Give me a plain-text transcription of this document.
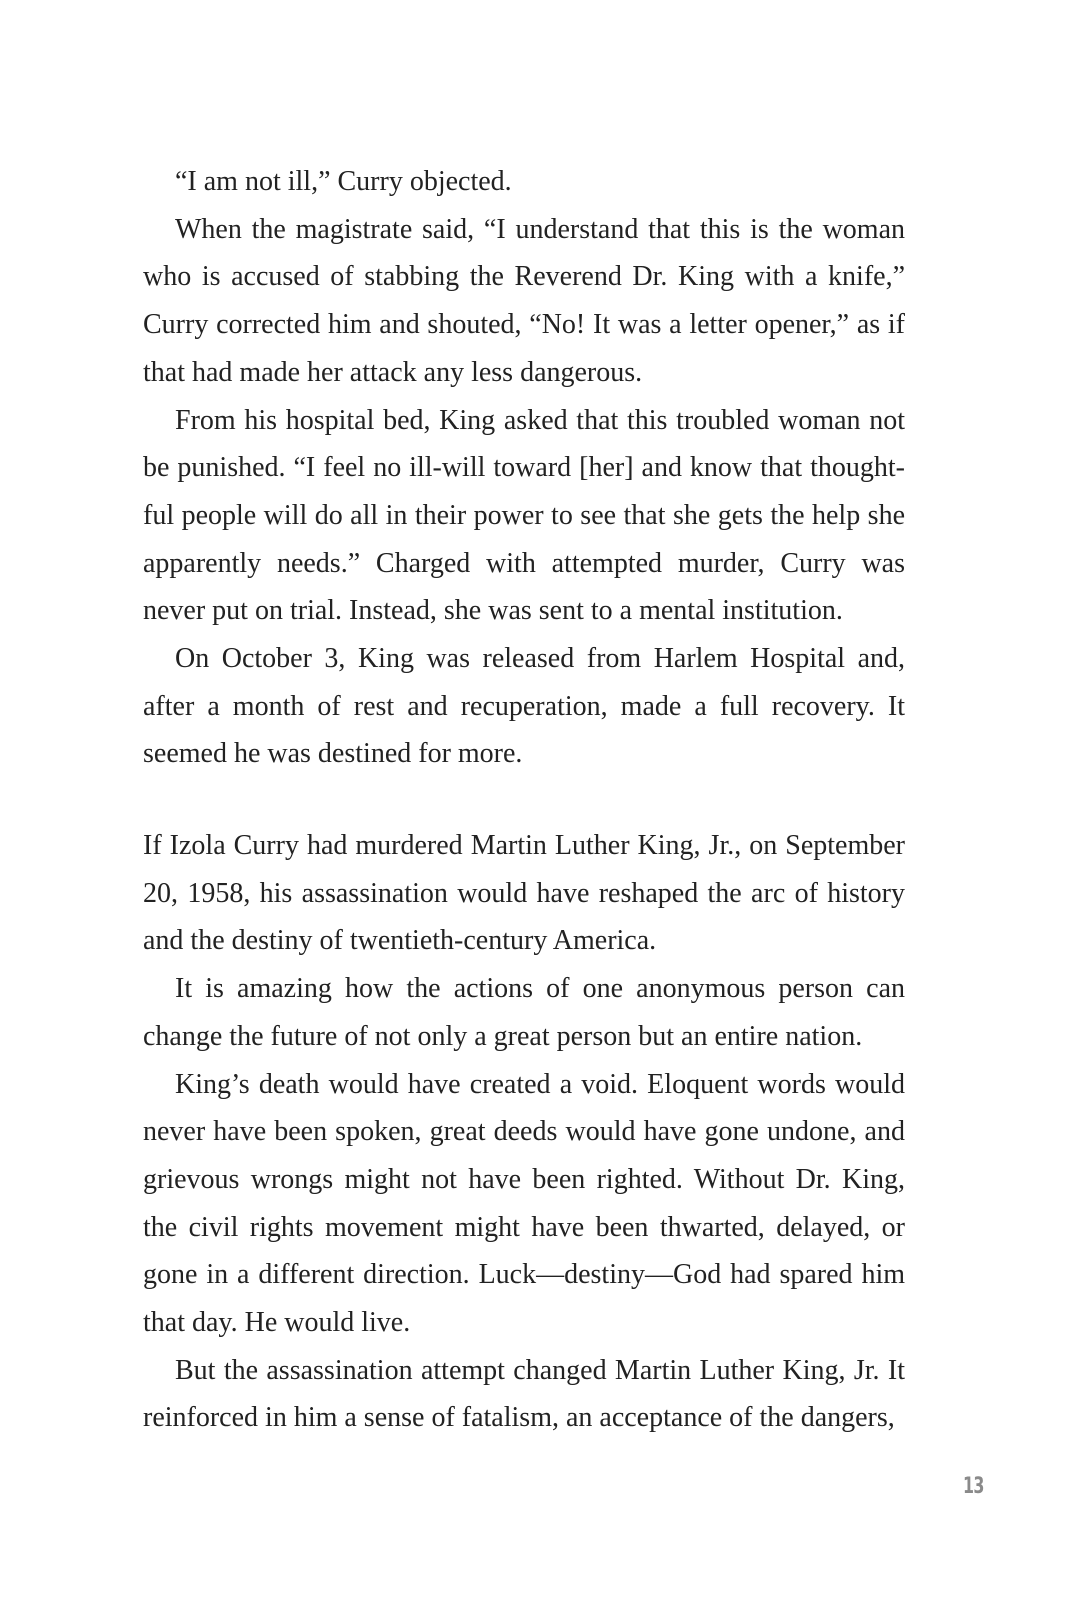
“I am not ill,” Curry objected.

When the magistrate said, “I understand that this is the woman who is accused of stabbing the Reverend Dr. King with a knife,” Curry corrected him and shouted, “No! It was a letter opener,” as if that had made her attack any less dangerous.

From his hospital bed, King asked that this troubled woman not be punished. “I feel no ill-will toward [her] and know that thought-ful people will do all in their power to see that she gets the help she apparently needs.” Charged with attempted murder, Curry was never put on trial. Instead, she was sent to a mental institution.

On October 3, King was released from Harlem Hospital and, after a month of rest and recuperation, made a full recovery. It seemed he was destined for more.

If Izola Curry had murdered Martin Luther King, Jr., on September 20, 1958, his assassination would have reshaped the arc of history and the destiny of twentieth-century America.

It is amazing how the actions of one anonymous person can change the future of not only a great person but an entire nation.

King’s death would have created a void. Eloquent words would never have been spoken, great deeds would have gone undone, and grievous wrongs might not have been righted. Without Dr. King, the civil rights movement might have been thwarted, delayed, or gone in a different direction. Luck—destiny—God had spared him that day. He would live.

But the assassination attempt changed Martin Luther King, Jr. It reinforced in him a sense of fatalism, an acceptance of the dangers,

13
